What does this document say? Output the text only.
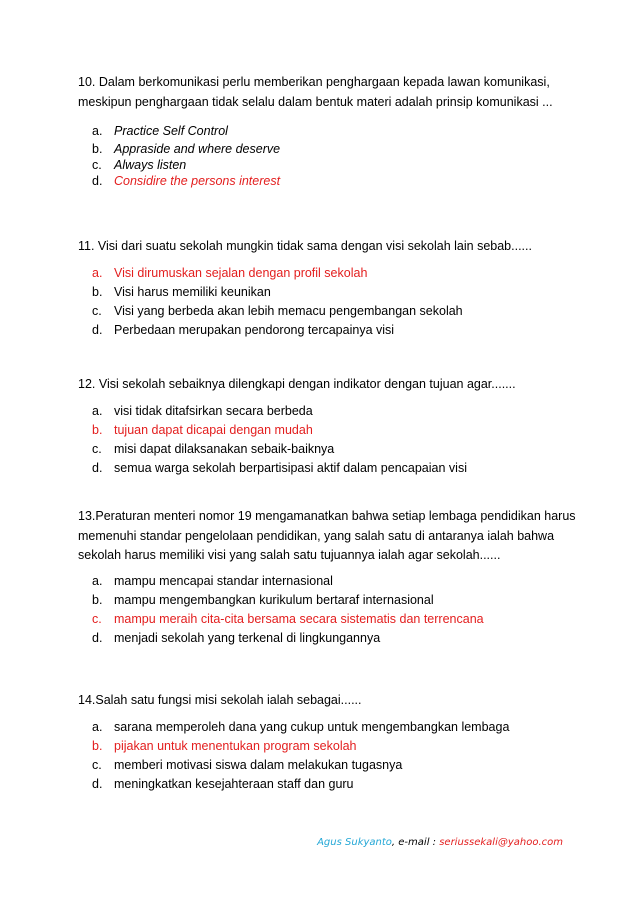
10. Dalam berkomunikasi perlu memberikan penghargaan kepada lawan komunikasi, meskipun penghargaan tidak selalu dalam bentuk materi adalah prinsip komunikasi ...

a. Practice Self Control
b. Appraside and where deserve
c. Always listen
d. Considire the persons interest

11. Visi dari suatu sekolah mungkin tidak sama dengan visi sekolah lain sebab......

a. Visi dirumuskan sejalan dengan profil sekolah
b. Visi harus memiliki keunikan
c. Visi yang berbeda akan lebih memacu pengembangan sekolah
d. Perbedaan merupakan pendorong tercapainya visi

12. Visi sekolah sebaiknya dilengkapi dengan indikator dengan tujuan agar.......

a. visi tidak ditafsirkan secara berbeda
b. tujuan dapat dicapai dengan mudah
c. misi dapat dilaksanakan sebaik-baiknya
d. semua warga sekolah berpartisipasi aktif dalam pencapaian visi

13.Peraturan menteri nomor 19 mengamanatkan bahwa setiap lembaga pendidikan harus memenuhi standar pengelolaan pendidikan, yang salah satu di antaranya ialah bahwa sekolah harus memiliki visi yang salah satu tujuannya ialah agar sekolah......

a. mampu mencapai standar internasional
b. mampu mengembangkan kurikulum bertaraf internasional
c. mampu meraih cita-cita bersama secara sistematis dan terrencana
d. menjadi sekolah yang terkenal di lingkungannya

14.Salah satu fungsi misi sekolah ialah sebagai......

a. sarana memperoleh dana yang cukup untuk mengembangkan lembaga
b. pijakan untuk menentukan program sekolah
c. memberi motivasi siswa dalam melakukan tugasnya
d. meningkatkan kesejahteraan staff dan guru
Agus Sukyanto, e-mail : seriussekali@yahoo.com
